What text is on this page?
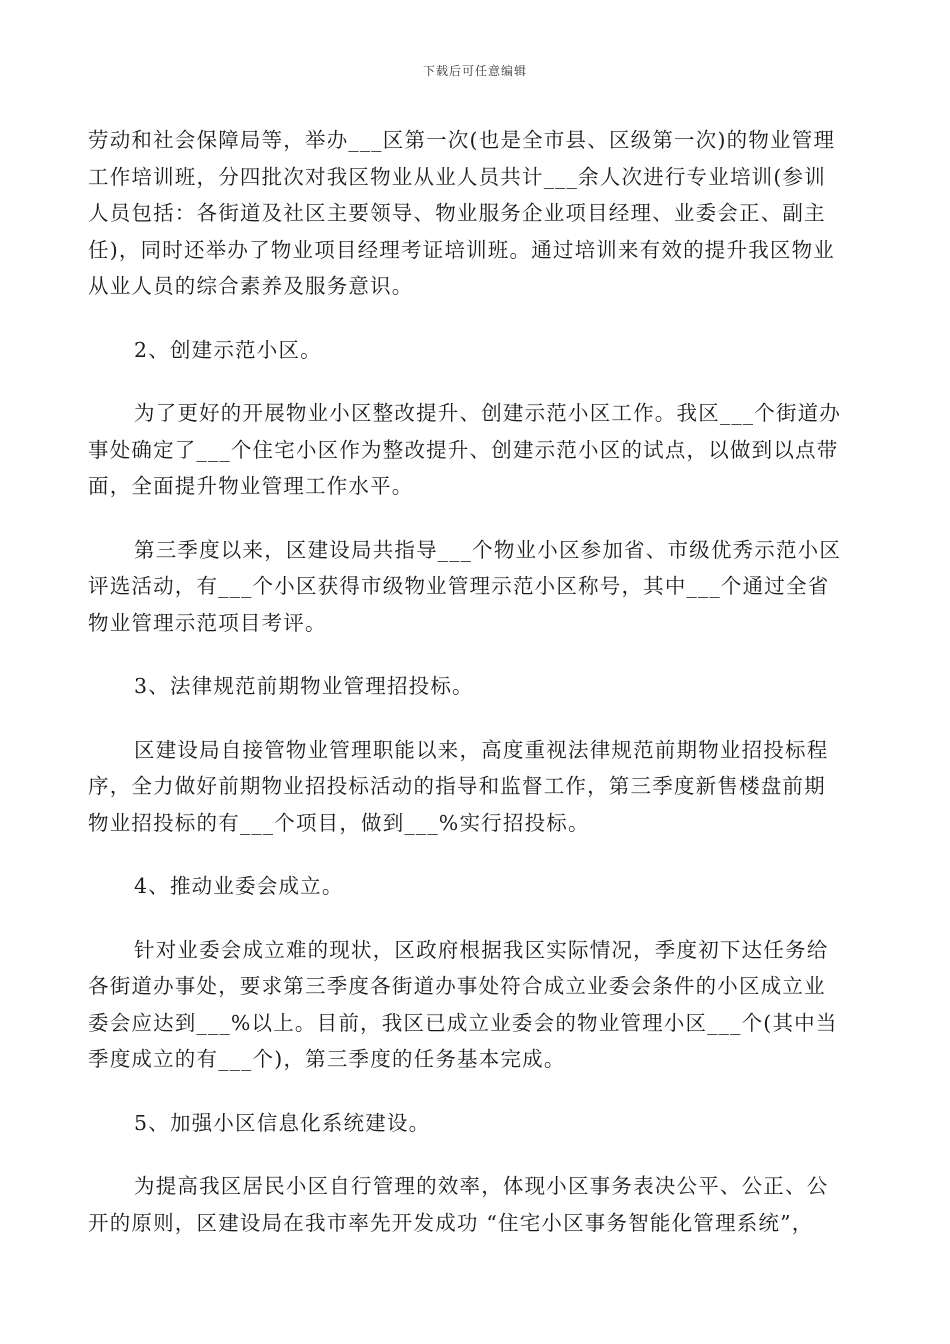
下载后可任意编辑

劳动和社会保障局等，举办___区第一次(也是全市县、区级第一次)的物业管理
工作培训班，分四批次对我区物业从业人员共计___余人次进行专业培训(参训
人员包括：各街道及社区主要领导、物业服务企业项目经理、业委会正、副主
任)，同时还举办了物业项目经理考证培训班。通过培训来有效的提升我区物业
从业人员的综合素养及服务意识。

2、创建示范小区。

为了更好的开展物业小区整改提升、创建示范小区工作。我区___个街道办
事处确定了___个住宅小区作为整改提升、创建示范小区的试点，以做到以点带
面，全面提升物业管理工作水平。

第三季度以来，区建设局共指导___个物业小区参加省、市级优秀示范小区
评选活动，有___个小区获得市级物业管理示范小区称号，其中___个通过全省
物业管理示范项目考评。

3、法律规范前期物业管理招投标。

区建设局自接管物业管理职能以来，高度重视法律规范前期物业招投标程
序，全力做好前期物业招投标活动的指导和监督工作，第三季度新售楼盘前期
物业招投标的有___个项目，做到___%实行招投标。

4、推动业委会成立。

针对业委会成立难的现状，区政府根据我区实际情况，季度初下达任务给
各街道办事处，要求第三季度各街道办事处符合成立业委会条件的小区成立业
委会应达到___%以上。目前，我区已成立业委会的物业管理小区___个(其中当
季度成立的有___个)，第三季度的任务基本完成。

5、加强小区信息化系统建设。

为提高我区居民小区自行管理的效率，体现小区事务表决公平、公正、公
开的原则，区建设局在我市率先开发成功 “住宅小区事务智能化管理系统”，
